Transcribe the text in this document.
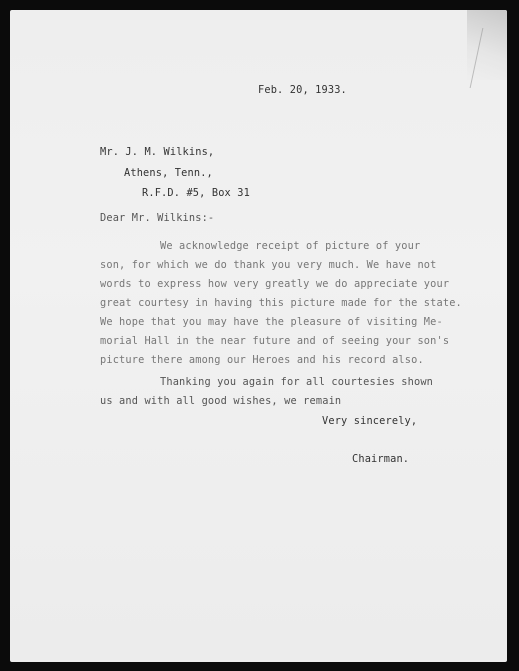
Feb. 20, 1933.
Mr. J. M. Wilkins,
Athens, Tenn.,
R.F.D. #5, Box 31
Dear Mr. Wilkins:-
We acknowledge receipt of picture of your
son, for which we do thank you very much. We have not
words to express how very greatly we do appreciate your
great courtesy in having this picture made for the state.
We hope that you may have the pleasure of visiting Me-
morial Hall in the near future and of seeing your son's
picture there among our Heroes and his record also.
Thanking you again for all courtesies shown
us and with all good wishes, we remain
Very sincerely,
Chairman.
